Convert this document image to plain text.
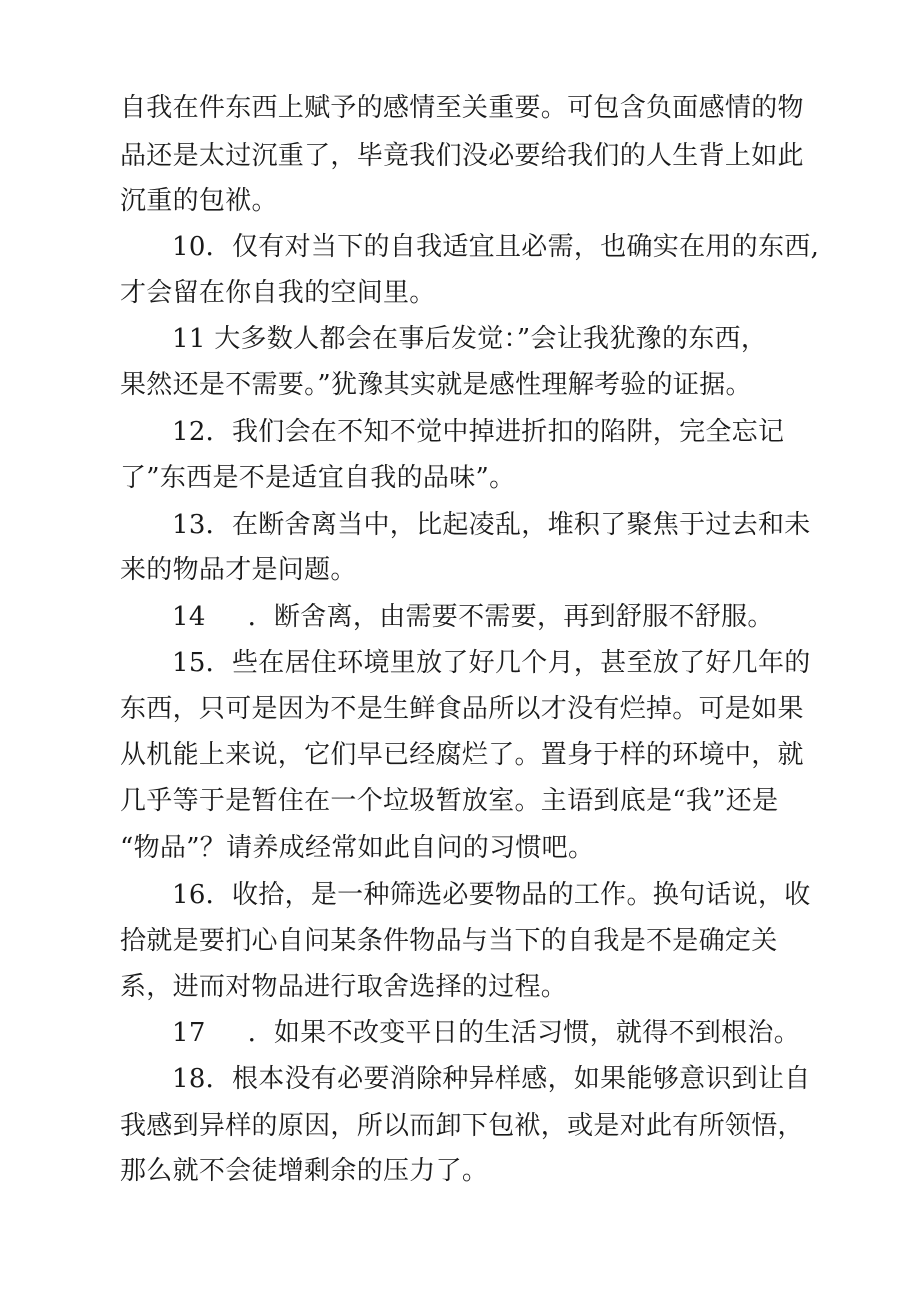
自我在件东西上赋予的感情至关重要。可包含负面感情的物
品还是太过沉重了，毕竟我们没必要给我们的人生背上如此
沉重的包袱。
10．仅有对当下的自我适宜且必需，也确实在用的东西,
才会留在你自我的空间里。
11 大多数人都会在事后发觉：”会让我犹豫的东西，
果然还是不需要。”犹豫其实就是感性理解考验的证据。
12．我们会在不知不觉中掉进折扣的陷阱，完全忘记
了”东西是不是适宜自我的品味”。
13．在断舍离当中，比起凌乱，堆积了聚焦于过去和未
来的物品才是问题。
14 ．断舍离，由需要不需要，再到舒服不舒服。
15．些在居住环境里放了好几个月，甚至放了好几年的
东西，只可是因为不是生鲜食品所以才没有烂掉。可是如果
从机能上来说，它们早已经腐烂了。置身于样的环境中，就
几乎等于是暂住在一个垃圾暂放室。主语到底是“我”还是
“物品”？请养成经常如此自问的习惯吧。
16．收拾，是一种筛选必要物品的工作。换句话说，收
拾就是要扪心自问某条件物品与当下的自我是不是确定关
系，进而对物品进行取舍选择的过程。
17 ．如果不改变平日的生活习惯，就得不到根治。
18．根本没有必要消除种异样感，如果能够意识到让自
我感到异样的原因，所以而卸下包袱，或是对此有所领悟，
那么就不会徒增剩余的压力了。
